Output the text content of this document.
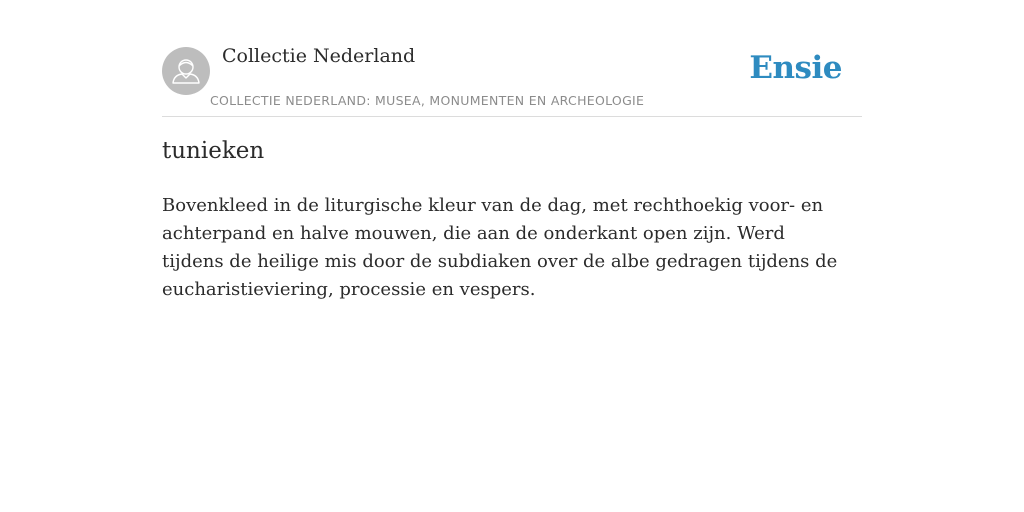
Collectie Nederland
COLLECTIE NEDERLAND: MUSEA, MONUMENTEN EN ARCHEOLOGIE
Ensie
tunieken
Bovenkleed in de liturgische kleur van de dag, met rechthoekig voor- en achterpand en halve mouwen, die aan de onderkant open zijn. Werd tijdens de heilige mis door de subdiaken over de albe gedragen tijdens de eucharistieviering, processie en vespers.
